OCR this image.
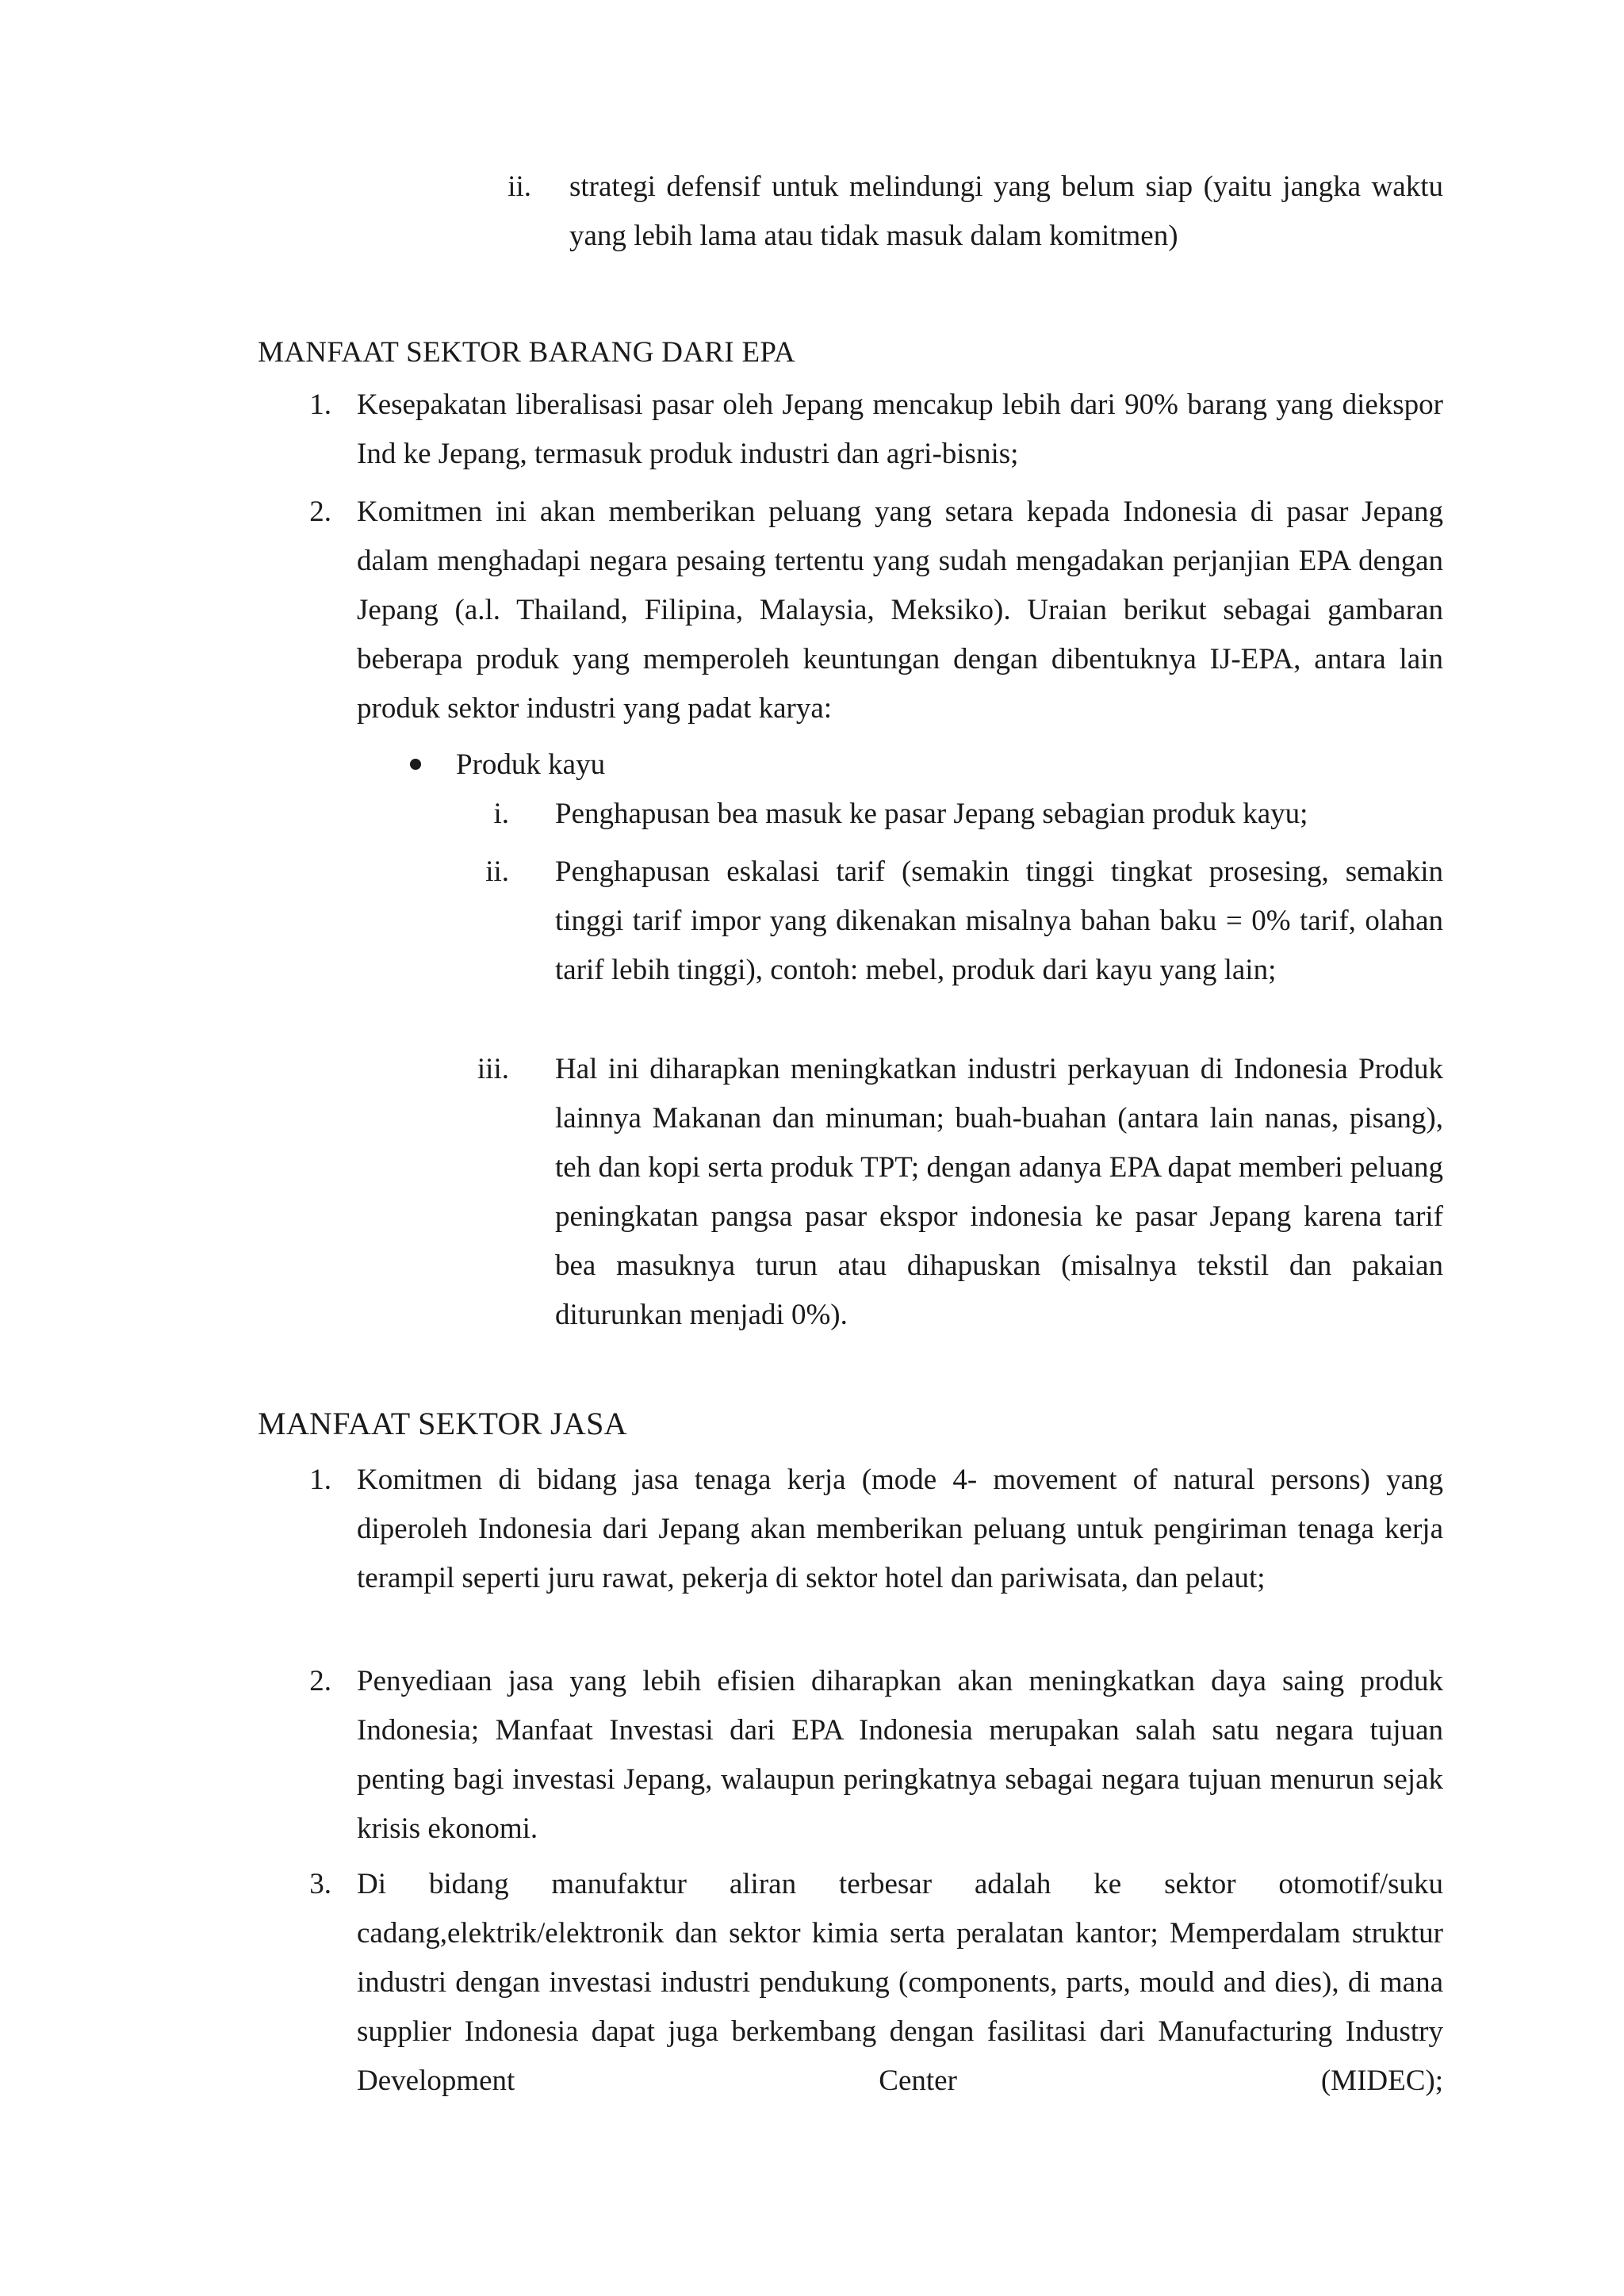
ii. strategi defensif untuk melindungi yang belum siap (yaitu jangka waktu yang lebih lama atau tidak masuk dalam komitmen)
MANFAAT SEKTOR BARANG DARI EPA
1. Kesepakatan liberalisasi pasar oleh Jepang mencakup lebih dari 90% barang yang diekspor Ind ke Jepang, termasuk produk industri dan agri-bisnis;
2. Komitmen ini akan memberikan peluang yang setara kepada Indonesia di pasar Jepang dalam menghadapi negara pesaing tertentu yang sudah mengadakan perjanjian EPA dengan Jepang (a.l. Thailand, Filipina, Malaysia, Meksiko). Uraian berikut sebagai gambaran beberapa produk yang memperoleh keuntungan dengan dibentuknya IJ-EPA, antara lain produk sektor industri yang padat karya:
Produk kayu
i. Penghapusan bea masuk ke pasar Jepang sebagian produk kayu;
ii. Penghapusan eskalasi tarif (semakin tinggi tingkat prosesing, semakin tinggi tarif impor yang dikenakan misalnya bahan baku = 0% tarif, olahan tarif lebih tinggi), contoh: mebel, produk dari kayu yang lain;
iii. Hal ini diharapkan meningkatkan industri perkayuan di Indonesia Produk lainnya Makanan dan minuman; buah-buahan (antara lain nanas, pisang), teh dan kopi serta produk TPT; dengan adanya EPA dapat memberi peluang peningkatan pangsa pasar ekspor indonesia ke pasar Jepang karena tarif bea masuknya turun atau dihapuskan (misalnya tekstil dan pakaian diturunkan menjadi 0%).
MANFAAT SEKTOR JASA
1. Komitmen di bidang jasa tenaga kerja (mode 4- movement of natural persons) yang diperoleh Indonesia dari Jepang akan memberikan peluang untuk pengiriman tenaga kerja terampil seperti juru rawat, pekerja di sektor hotel dan pariwisata, dan pelaut;
2. Penyediaan jasa yang lebih efisien diharapkan akan meningkatkan daya saing produk Indonesia; Manfaat Investasi dari EPA Indonesia merupakan salah satu negara tujuan penting bagi investasi Jepang, walaupun peringkatnya sebagai negara tujuan menurun sejak krisis ekonomi.
3. Di bidang manufaktur aliran terbesar adalah ke sektor otomotif/suku cadang,elektrik/elektronik dan sektor kimia serta peralatan kantor; Memperdalam struktur industri dengan investasi industri pendukung (components, parts, mould and dies), di mana supplier Indonesia dapat juga berkembang dengan fasilitasi dari Manufacturing Industry Development Center (MIDEC);
